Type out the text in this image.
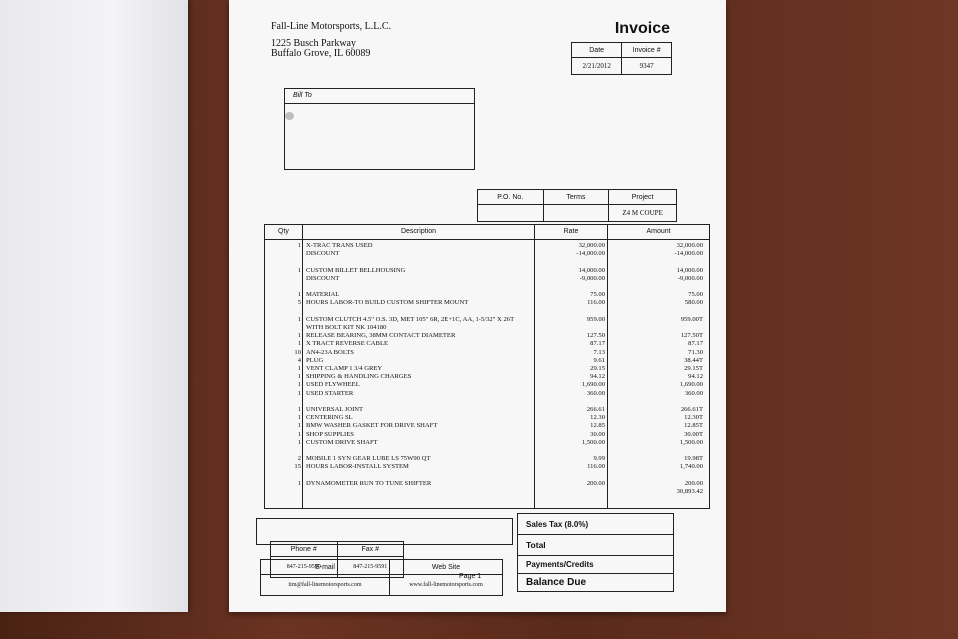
Fall-Line Motorsports, L.L.C.
1225 Busch Parkway
Buffalo Grove, IL 60089
Invoice
Date	Invoice #
2/21/2012	9347
Bill To
P.O. No.	Terms	Project
		Z4 M COUPE
Qty	Description	Rate	Amount
1 X-TRAC TRANS USED	32,000.00	32,000.00
DISCOUNT	-14,000.00	-14,000.00
1 CUSTOM BILLET BELLHOUSING	14,000.00	14,000.00
DISCOUNT	-9,000.00	-9,000.00
1 MATERIAL	75.00	75.00
5 HOURS LABOR-TO BUILD CUSTOM SHIFTER MOUNT	116.00	580.00
1 CUSTOM CLUTCH 4.5" O.S. 3D, MET 105" 6R, 2E+1C, AA, 1-5/32" X 26T	959.00	959.00T
WITH BOLT KIT NK 104180
1 RELEASE BEARING, 38MM CONTACT DIAMETER	127.50	127.50T
1 X TRACT REVERSE CABLE	87.17	87.17
10 AN4-23A BOLTS	7.13	71.30
4 PLUG	9.61	38.44T
1 VENT CLAMP 1 3/4 GREY	29.15	29.15T
1 SHIPPING & HANDLING CHARGES	94.12	94.12
1 USED FLYWHEEL	1,690.00	1,690.00
1 USED STARTER	360.00	360.00
1 UNIVERSAL JOINT	266.61	266.61T
1 CENTERING SL	12.30	12.30T
1 BMW WASHER GASKET FOR DRIVE SHAFT	12.85	12.85T
1 SHOP SUPPLIES	30.00	30.00T
1 CUSTOM DRIVE SHAFT	1,500.00	1,500.00
2 MOBILE 1 SYN GEAR LUBE LS 75W90 QT	9.99	19.98T
15 HOURS LABOR-INSTALL SYSTEM	116.00	1,740.00
1 DYNAMOMETER RUN TO TUNE SHIFTER	200.00	200.00
30,893.42
Sales Tax (8.0%)
Total
Payments/Credits
Balance Due
Phone #	Fax #
847-215-9590	847-215-9591
E-mail
tim@fall-linemotorsports.com
Web Site
www.fall-linemotorsports.com
Page 1
